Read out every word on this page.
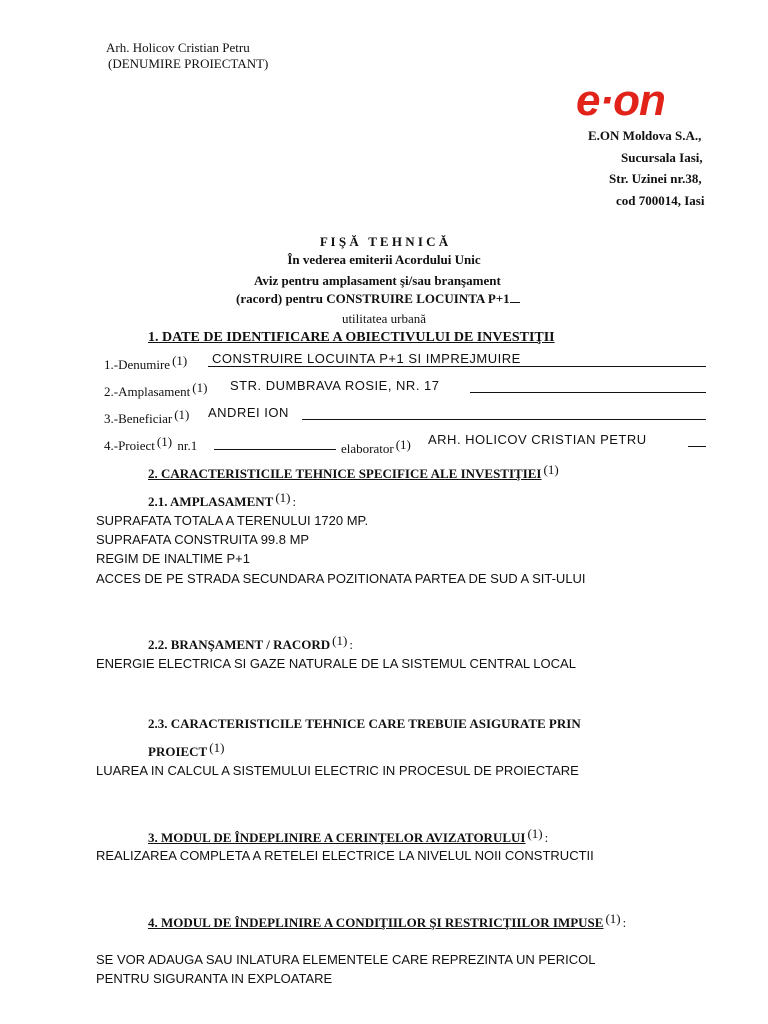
Arh. Holicov Cristian Petru
(DENUMIRE PROIECTANT)
e·on
E.ON Moldova S.A.,
Sucursala Iasi,
Str. Uzinei nr.38,
cod 700014, Iasi
F I Ş Ă   T E H N I C Ă
În vederea emiterii Acordului Unic
Aviz pentru amplasament şi/sau branşament
(racord) pentru CONSTRUIRE LOCUINTA P+1
utilitatea urbană
1. DATE DE IDENTIFICARE A OBIECTIVULUI DE INVESTIŢII
1.-Denumire (1) CONSTRUIRE LOCUINTA P+1 SI IMPREJMUIRE
2.-Amplasament (1) STR. DUMBRAVA ROSIE, NR. 17
3.-Beneficiar (1) ANDREI ION
4.-Proiect (1) nr.1	elaborator (1) ARH. HOLICOV CRISTIAN PETRU
2. CARACTERISTICILE TEHNICE SPECIFICE ALE INVESTIŢIEI (1)
2.1. AMPLASAMENT (1) :
SUPRAFATA TOTALA A TERENULUI 1720 MP.
SUPRAFATA CONSTRUITA 99.8 MP
REGIM DE INALTIME P+1
ACCES DE PE STRADA SECUNDARA POZITIONATA PARTEA DE SUD A SIT-ULUI
2.2. BRANŞAMENT / RACORD (1) :
ENERGIE ELECTRICA SI GAZE NATURALE DE LA SISTEMUL CENTRAL LOCAL
2.3. CARACTERISTICILE TEHNICE CARE TREBUIE ASIGURATE PRIN
PROIECT (1)
LUAREA IN CALCUL A SISTEMULUI ELECTRIC IN PROCESUL DE PROIECTARE
3. MODUL DE ÎNDEPLINIRE A CERINŢELOR AVIZATORULUI (1) :
REALIZAREA COMPLETA A RETELEI ELECTRICE LA NIVELUL NOII CONSTRUCTII
4. MODUL DE ÎNDEPLINIRE A CONDIŢIILOR ŞI RESTRICŢIILOR IMPUSE (1) :
SE VOR ADAUGA SAU INLATURA ELEMENTELE CARE REPREZINTA UN PERICOL
PENTRU SIGURANTA IN EXPLOATARE
